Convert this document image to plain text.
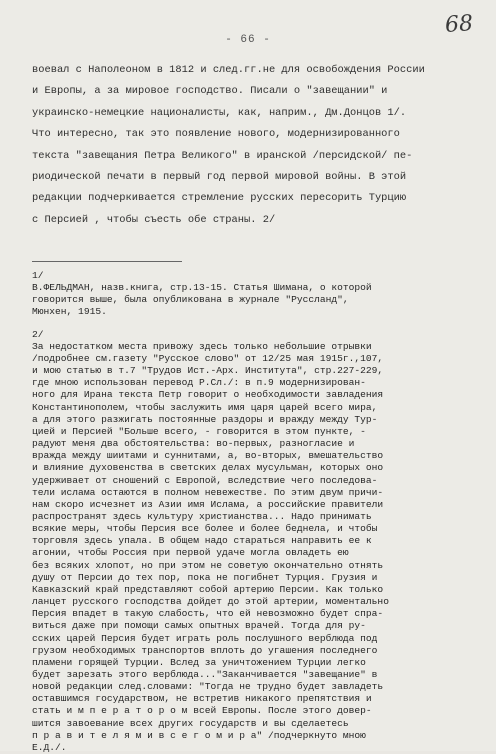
68
- 66 -
воевал с Наполеоном в 1812 и след.гг.не для освобождения России
и Европы, а за мировое господство. Писали о "завещании" и
украинско-немецкие националисты, как, наприм., Дм.Донцов 1/.
Что интересно, так это появление нового, модернизированного
текста "завещания Петра Великого" в иранской /персидской/ пе-
риодической печати в первый год первой мировой войны. В этой
редакции подчеркивается стремление русских пересорить Турцию
с Персией , чтобы съесть обе страны. 2/
1/
В.ФЕЛЬДМАН, назв.книга, стр.13-15. Статья Шимана, о которой
говорится выше, была опубликована в журнале "Руссланд",
Мюнхен, 1915.
2/
За недостатком места привожу здесь только небольшие отрывки
/подробнее см.газету "Русское слово" от 12/25 мая 1915г.,107,
и мою статью в т.7 "Трудов Ист.-Арх. Института", стр.227-229,
где мною использован перевод Р.Сл./: в п.9 модернизирован-
ного для Ирана текста Петр говорит о необходимости завладения
Константинополем, чтобы заслужить имя царя царей всего мира,
а для этого разжигать постоянные раздоры и вражду между Тур-
цией и Персией "Больше всего, - говорится в этом пункте, -
радуют меня два обстоятельства: во-первых, разногласие и
вражда между шиитами и суннитами, а, во-вторых, вмешательство
и влияние духовенства в светских делах мусульман, которых оно
удерживает от сношений с Европой, вследствие чего последова-
тели ислама остаются в полном невежестве. По этим двум причи-
нам скоро исчезнет из Азии имя Ислама, а российские правители
распространят здесь культуру христианства... Надо принимать
всякие меры, чтобы Персия все более и более беднела, и чтобы
торговля здесь упала. В общем надо стараться направить ее к
агонии, чтобы Россия при первой удаче могла овладеть ею
без всяких хлопот, но при этом не советую окончательно отнять
душу от Персии до тех пор, пока не погибнет Турция. Грузия и
Кавказский край представляют собой артерию Персии. Как только
ланцет русского господства дойдет до этой артерии, моментально
Персия впадет в такую слабость, что ей невозможно будет спра-
виться даже при помощи самых опытных врачей. Тогда для ру-
сских царей Персия будет играть роль послушного верблюда под
грузом необходимых транспортов вплоть до угашения последнего
пламени горящей Турции. Вслед за уничтожением Турции легко
будет зарезать этого верблюда..."Заканчивается "завещание" в
новой редакции след.словами: "Тогда не трудно будет завладеть
оставшимся государством, не встретив никакого препятствия и
стать и м п е р а т о р о м всей Европы. После этого довер-
шится завоевание всех других государств и вы сделаетесь
п р а в и т е л я м и в с е г о м и р а" /подчеркнуто мною
Е.Д./.
